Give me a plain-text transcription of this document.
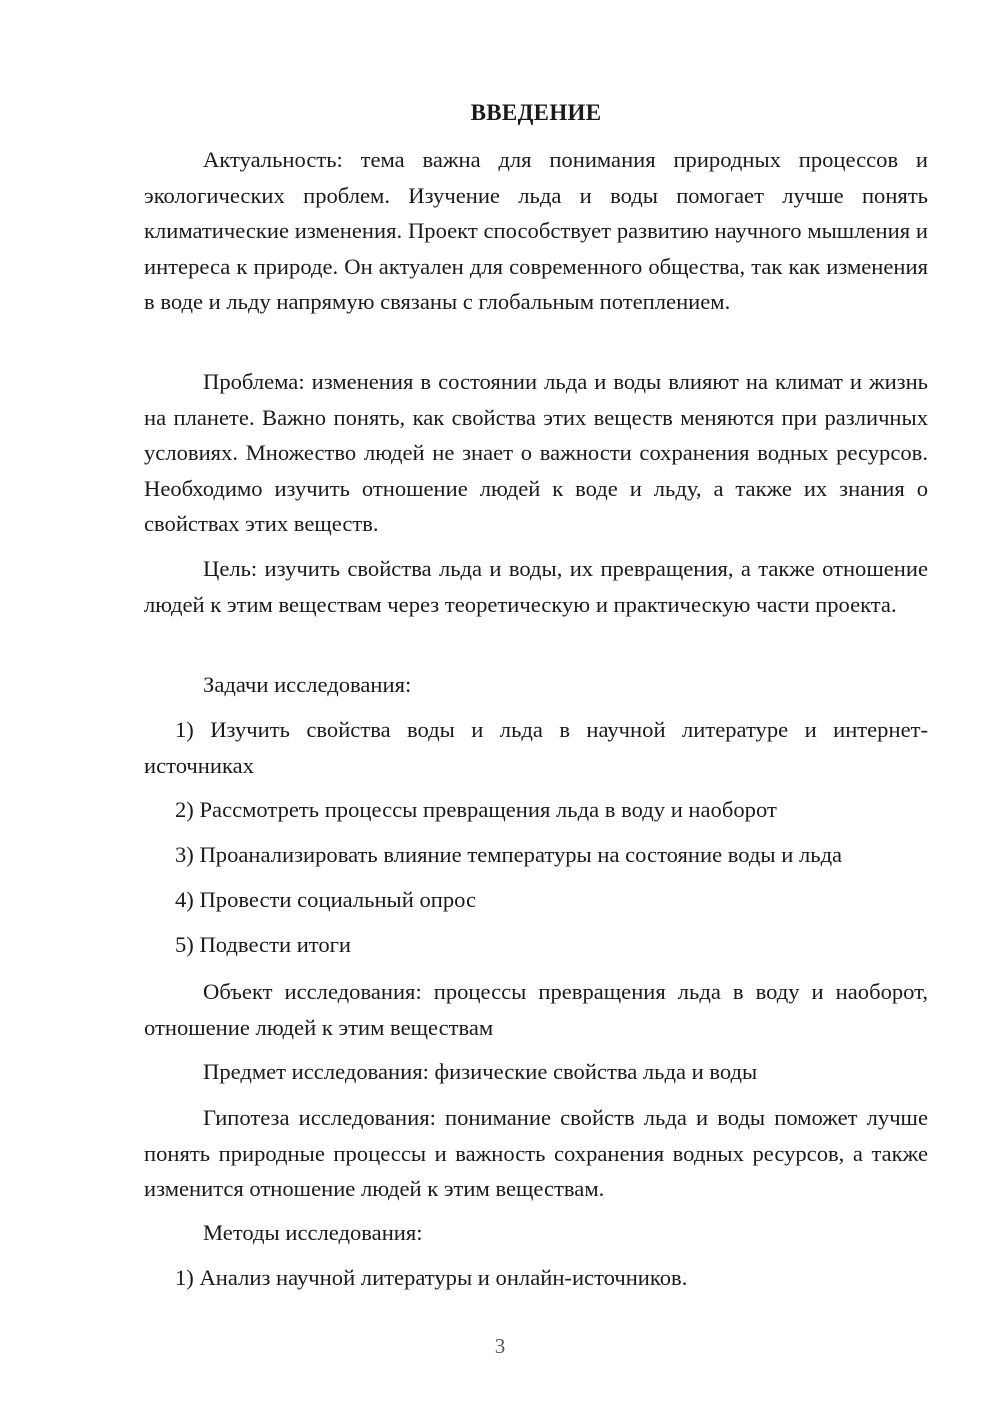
ВВЕДЕНИЕ

Актуальность: тема важна для понимания природных процессов и экологических проблем. Изучение льда и воды помогает лучше понять климатические изменения. Проект способствует развитию научного мышления и интереса к природе. Он актуален для современного общества, так как изменения в воде и льду напрямую связаны с глобальным потеплением.

Проблема: изменения в состоянии льда и воды влияют на климат и жизнь на планете. Важно понять, как свойства этих веществ меняются при различных условиях. Множество людей не знает о важности сохранения водных ресурсов. Необходимо изучить отношение людей к воде и льду, а также их знания о свойствах этих веществ.

Цель: изучить свойства льда и воды, их превращения, а также отношение людей к этим веществам через теоретическую и практическую части проекта.

Задачи исследования:

1) Изучить свойства воды и льда в научной литературе и интернет-источниках

2) Рассмотреть процессы превращения льда в воду и наоборот

3) Проанализировать влияние температуры на состояние воды и льда

4) Провести социальный опрос

5) Подвести итоги

Объект исследования: процессы превращения льда в воду и наоборот, отношение людей к этим веществам

Предмет исследования: физические свойства льда и воды

Гипотеза исследования: понимание свойств льда и воды поможет лучше понять природные процессы и важность сохранения водных ресурсов, а также изменится отношение людей к этим веществам.

Методы исследования:

1) Анализ научной литературы и онлайн-источников.

3
